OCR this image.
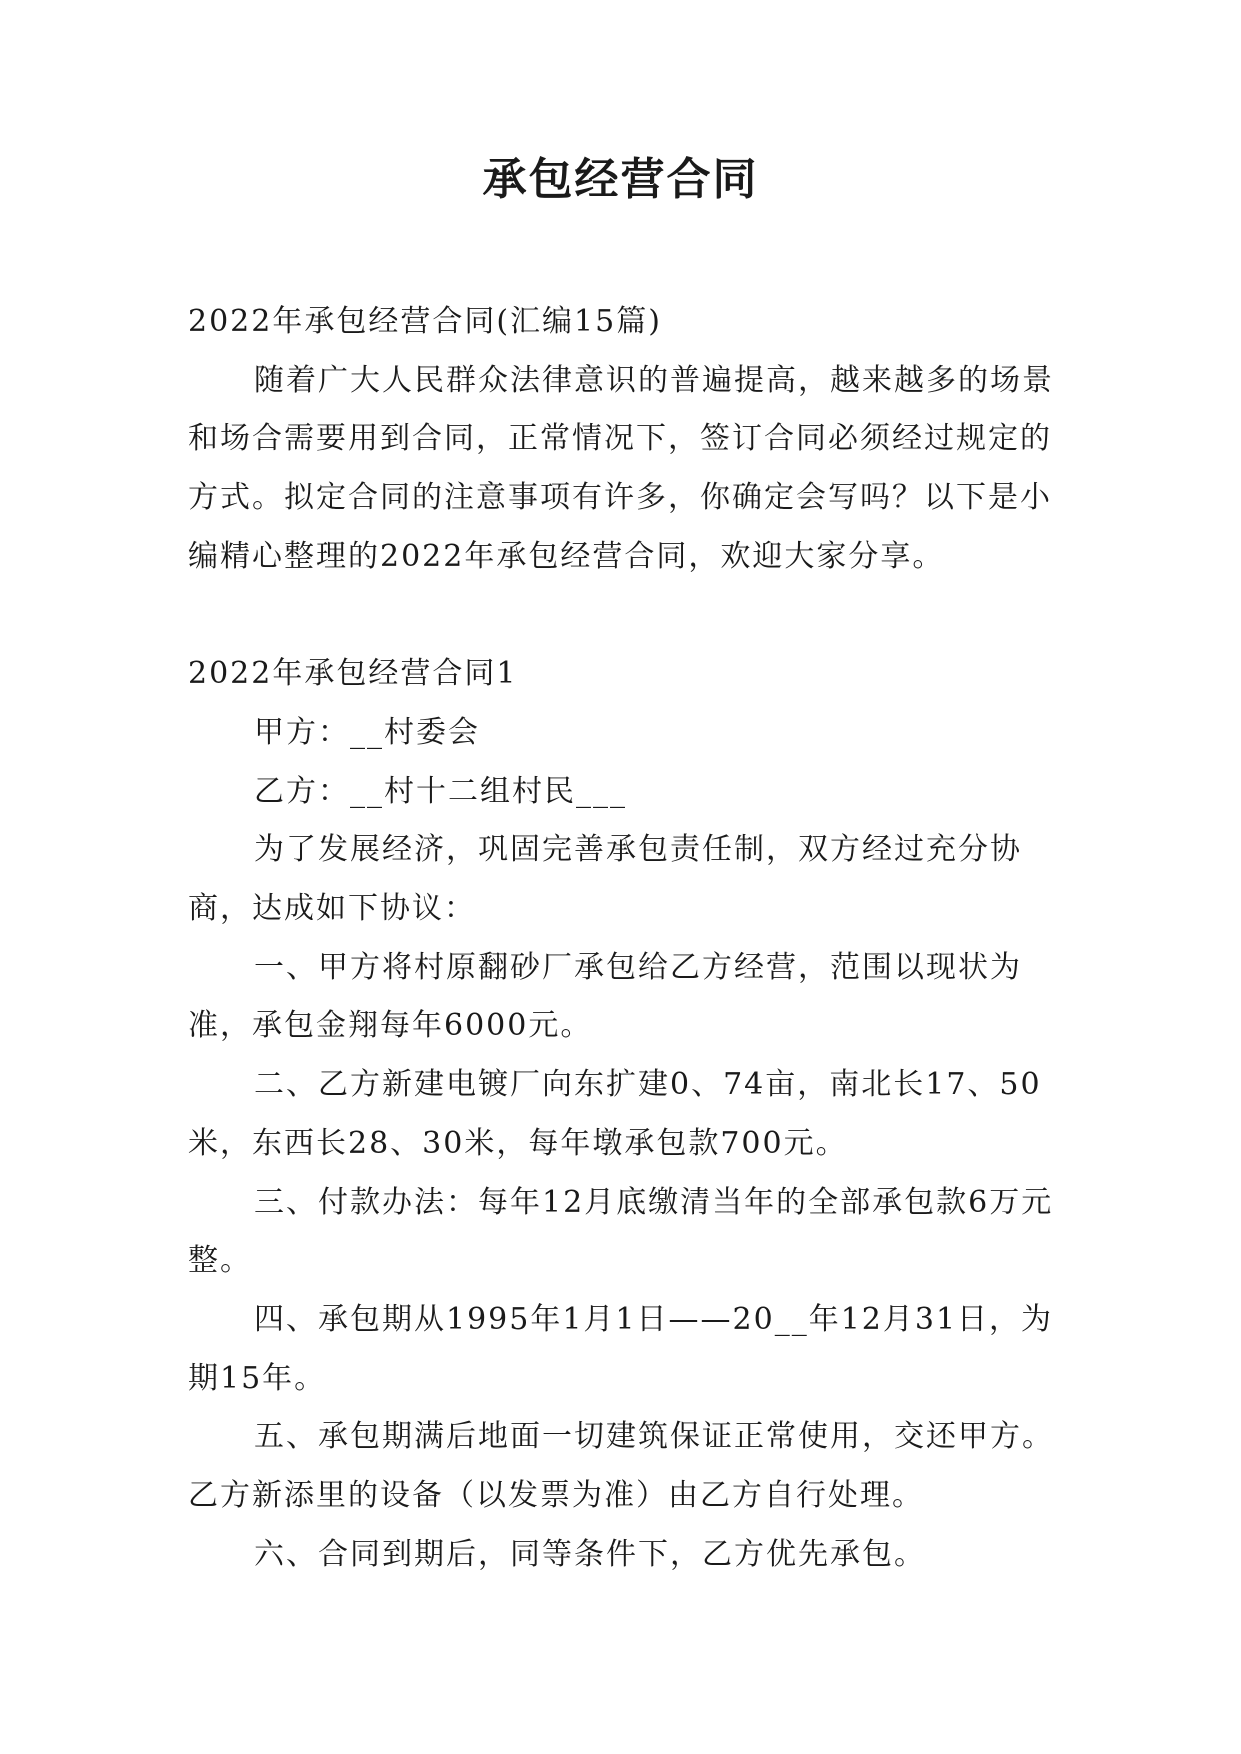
承包经营合同

2022年承包经营合同(汇编15篇)

随着广大人民群众法律意识的普遍提高，越来越多的场景和场合需要用到合同，正常情况下，签订合同必须经过规定的方式。拟定合同的注意事项有许多，你确定会写吗？以下是小编精心整理的2022年承包经营合同，欢迎大家分享。

2022年承包经营合同1

甲方：__村委会

乙方：__村十二组村民___

为了发展经济，巩固完善承包责任制，双方经过充分协商，达成如下协议：

一、甲方将村原翻砂厂承包给乙方经营，范围以现状为准，承包金翔每年6000元。

二、乙方新建电镀厂向东扩建0、74亩，南北长17、50米，东西长28、30米，每年墩承包款700元。

三、付款办法：每年12月底缴清当年的全部承包款6万元整。

四、承包期从1995年1月1日——20__年12月31日，为期15年。

五、承包期满后地面一切建筑保证正常使用，交还甲方。乙方新添里的设备（以发票为准）由乙方自行处理。

六、合同到期后，同等条件下，乙方优先承包。
